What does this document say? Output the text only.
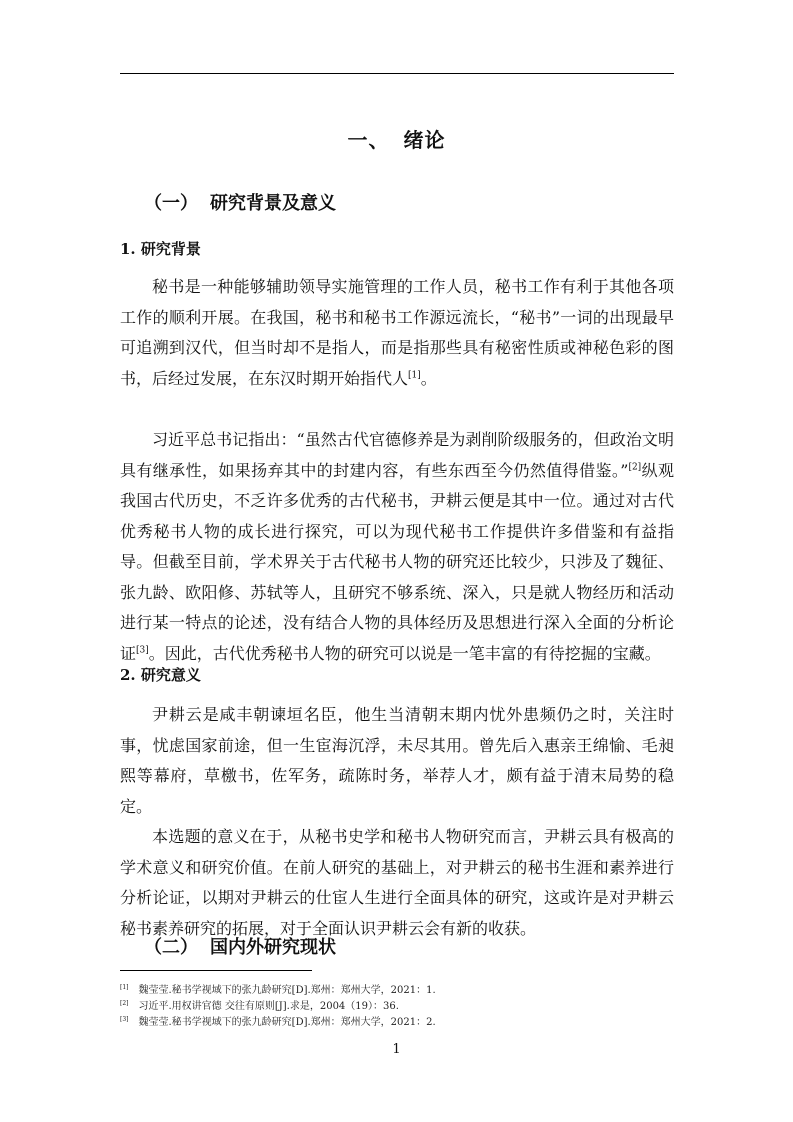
一、 绪论
（一） 研究背景及意义
1. 研究背景

秘书是一种能够辅助领导实施管理的工作人员，秘书工作有利于其他各项工作的顺利开展。在我国，秘书和秘书工作源远流长，“秘书”一词的出现最早可追溯到汉代，但当时却不是指人，而是指那些具有秘密性质或神秘色彩的图书，后经过发展，在东汉时期开始指代人[1]。

习近平总书记指出：“虽然古代官德修养是为剥削阶级服务的，但政治文明具有继承性，如果扬弃其中的封建内容，有些东西至今仍然值得借鉴。”[2]纵观我国古代历史，不乏许多优秀的古代秘书，尹耕云便是其中一位。通过对古代优秀秘书人物的成长进行探究，可以为现代秘书工作提供许多借鉴和有益指导。但截至目前，学术界关于古代秘书人物的研究还比较少，只涉及了魏征、张九龄、欧阳修、苏轼等人，且研究不够系统、深入，只是就人物经历和活动进行某一特点的论述，没有结合人物的具体经历及思想进行深入全面的分析论证[3]。因此，古代优秀秘书人物的研究可以说是一笔丰富的有待挖掘的宝藏。

2. 研究意义

尹耕云是咸丰朝谏垣名臣，他生当清朝末期内忧外患频仍之时，关注时事，忧虑国家前途，但一生宦海沉浮，未尽其用。曾先后入惠亲王绵愉、毛昶熙等幕府，草檄书，佐军务，疏陈时务，举荐人才，颇有益于清末局势的稳定。

本选题的意义在于，从秘书史学和秘书人物研究而言，尹耕云具有极高的学术意义和研究价值。在前人研究的基础上，对尹耕云的秘书生涯和素养进行分析论证，以期对尹耕云的仕宦人生进行全面具体的研究，这或许是对尹耕云秘书素养研究的拓展，对于全面认识尹耕云会有新的收获。

（二） 国内外研究现状
[1] 魏莹莹.秘书学视域下的张九龄研究[D].郑州：郑州大学，2021：1.
[2] 习近平.用权讲官德 交往有原则[J].求是，2004（19）：36.
[3] 魏莹莹.秘书学视域下的张九龄研究[D].郑州：郑州大学，2021：2.
1
